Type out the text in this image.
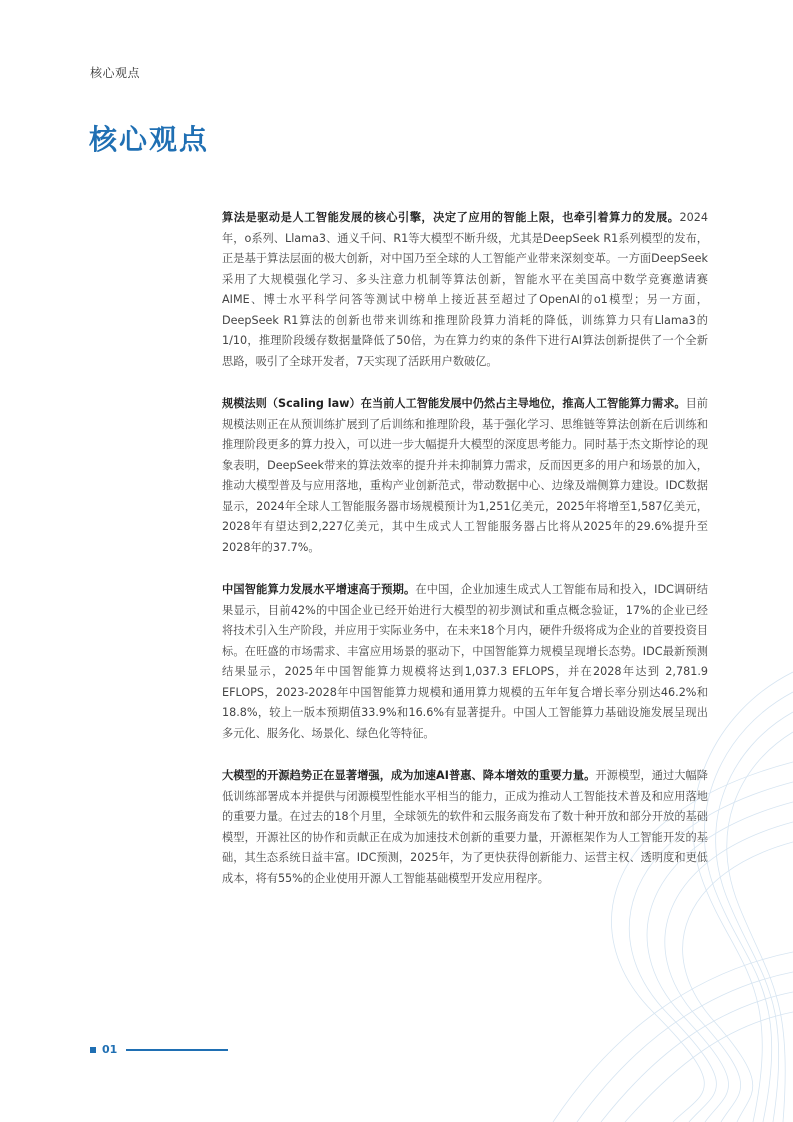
核心观点
核心观点

算法是驱动是人工智能发展的核心引擎，决定了应用的智能上限，也牵引着算力的发展。2024年，o系列、Llama3、通义千问、R1等大模型不断升级，尤其是DeepSeek R1系列模型的发布，正是基于算法层面的极大创新，对中国乃至全球的人工智能产业带来深刻变革。一方面DeepSeek采用了大规模强化学习、多头注意力机制等算法创新，智能水平在美国高中数学竞赛邀请赛AIME、博士水平科学问答等测试中榜单上接近甚至超过了OpenAI的o1模型；另一方面，DeepSeek R1算法的创新也带来训练和推理阶段算力消耗的降低，训练算力只有Llama3的1/10，推理阶段缓存数据量降低了50倍，为在算力约束的条件下进行AI算法创新提供了一个全新思路，吸引了全球开发者，7天实现了活跃用户数破亿。

规模法则（Scaling law）在当前人工智能发展中仍然占主导地位，推高人工智能算力需求。目前规模法则正在从预训练扩展到了后训练和推理阶段，基于强化学习、思维链等算法创新在后训练和推理阶段更多的算力投入，可以进一步大幅提升大模型的深度思考能力。同时基于杰文斯悖论的现象表明，DeepSeek带来的算法效率的提升并未抑制算力需求，反而因更多的用户和场景的加入，推动大模型普及与应用落地，重构产业创新范式，带动数据中心、边缘及端侧算力建设。IDC数据显示，2024年全球人工智能服务器市场规模预计为1,251亿美元，2025年将增至1,587亿美元，2028年有望达到2,227亿美元，其中生成式人工智能服务器占比将从2025年的29.6%提升至2028年的37.7%。

中国智能算力发展水平增速高于预期。在中国，企业加速生成式人工智能布局和投入，IDC调研结果显示，目前42%的中国企业已经开始进行大模型的初步测试和重点概念验证，17%的企业已经将技术引入生产阶段，并应用于实际业务中，在未来18个月内，硬件升级将成为企业的首要投资目标。在旺盛的市场需求、丰富应用场景的驱动下，中国智能算力规模呈现增长态势。IDC最新预测结果显示，2025年中国智能算力规模将达到1,037.3 EFLOPS，并在2028年达到 2,781.9 EFLOPS，2023-2028年中国智能算力规模和通用算力规模的五年年复合增长率分别达46.2%和18.8%，较上一版本预期值33.9%和16.6%有显著提升。中国人工智能算力基础设施发展呈现出多元化、服务化、场景化、绿色化等特征。

大模型的开源趋势正在显著增强，成为加速AI普惠、降本增效的重要力量。开源模型，通过大幅降低训练部署成本并提供与闭源模型性能水平相当的能力，正成为推动人工智能技术普及和应用落地的重要力量。在过去的18个月里，全球领先的软件和云服务商发布了数十种开放和部分开放的基础模型，开源社区的协作和贡献正在成为加速技术创新的重要力量，开源框架作为人工智能开发的基础，其生态系统日益丰富。IDC预测，2025年，为了更快获得创新能力、运营主权、透明度和更低成本，将有55%的企业使用开源人工智能基础模型开发应用程序。

01
